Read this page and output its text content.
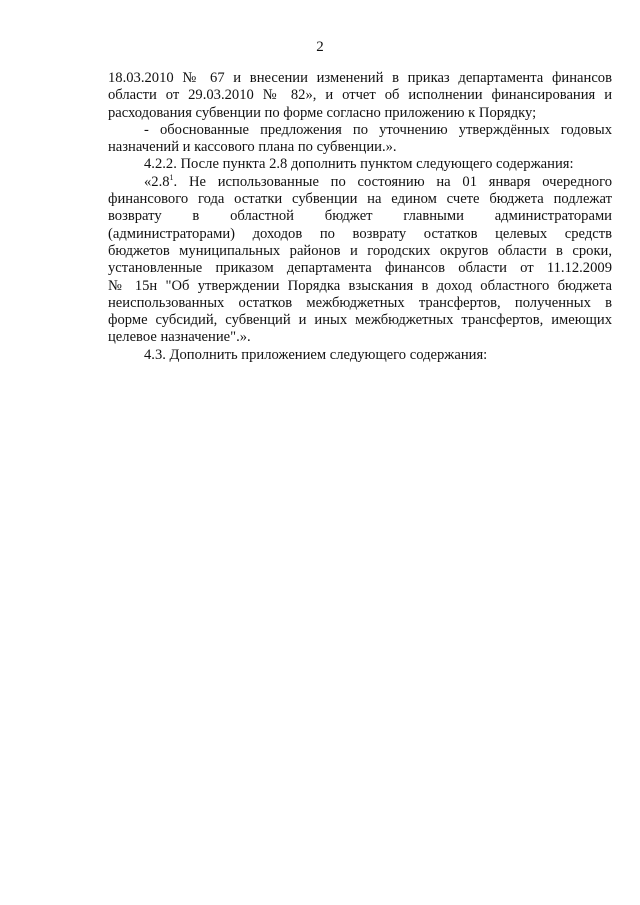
2
18.03.2010 № 67 и внесении изменений в приказ департамента финансов
области от 29.03.2010 № 82», и отчет об исполнении финансирования и
расходования субвенции по форме согласно приложению к Порядку;
- обоснованные предложения по уточнению утверждённых годовых
назначений и кассового плана по субвенции.».
4.2.2. После пункта 2.8 дополнить пунктом следующего содержания:
«$2.8^1$. Не использованные по состоянию на 01 января очередного
финансового года остатки субвенции на едином счете бюджета подлежат
возврату в областной бюджет главными администраторами
(администраторами) доходов по возврату остатков целевых средств
бюджетов муниципальных районов и городских округов области в сроки,
установленные приказом департамента финансов области от 11.12.2009
№ 15н "Об утверждении Порядка взыскания в доход областного бюджета
неиспользованных остатков межбюджетных трансфертов, полученных в
форме субсидий, субвенций и иных межбюджетных трансфертов, имеющих
целевое назначение".».
4.3. Дополнить приложением следующего содержания:
